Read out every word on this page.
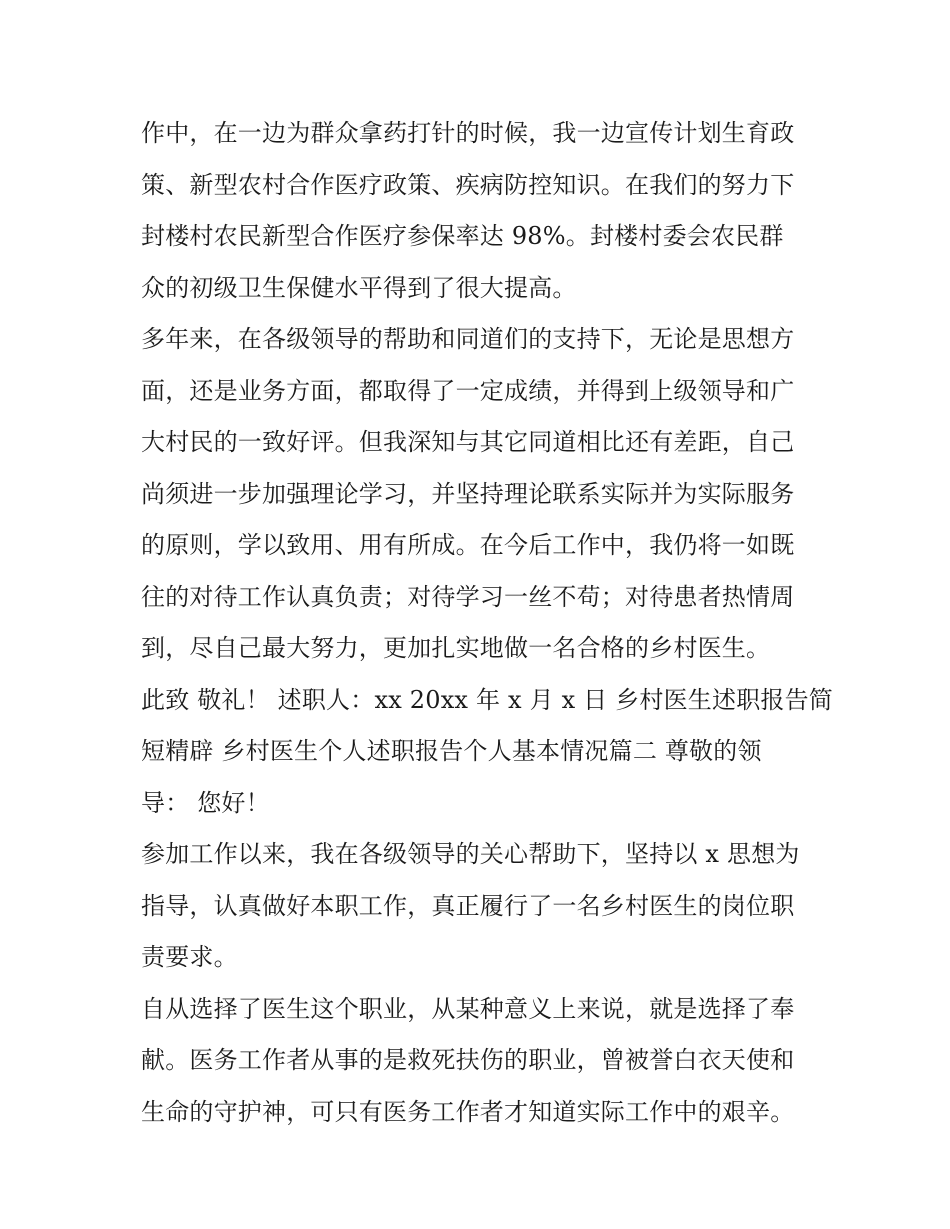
作中，在一边为群众拿药打针的时候，我一边宣传计划生育政
策、新型农村合作医疗政策、疾病防控知识。在我们的努力下
封楼村农民新型合作医疗参保率达 98%。封楼村委会农民群
众的初级卫生保健水平得到了很大提高。
多年来，在各级领导的帮助和同道们的支持下，无论是思想方
面，还是业务方面，都取得了一定成绩，并得到上级领导和广
大村民的一致好评。但我深知与其它同道相比还有差距，自己
尚须进一步加强理论学习，并坚持理论联系实际并为实际服务
的原则，学以致用、用有所成。在今后工作中，我仍将一如既
往的对待工作认真负责；对待学习一丝不苟；对待患者热情周
到，尽自己最大努力，更加扎实地做一名合格的乡村医生。
此致 敬礼！ 述职人：xx 20xx 年 x 月 x 日 乡村医生述职报告简
短精辟 乡村医生个人述职报告个人基本情况篇二 尊敬的领
导： 您好！
参加工作以来，我在各级领导的关心帮助下，坚持以 x 思想为
指导，认真做好本职工作，真正履行了一名乡村医生的岗位职
责要求。
自从选择了医生这个职业，从某种意义上来说，就是选择了奉
献。医务工作者从事的是救死扶伤的职业，曾被誉白衣天使和
生命的守护神，可只有医务工作者才知道实际工作中的艰辛。
